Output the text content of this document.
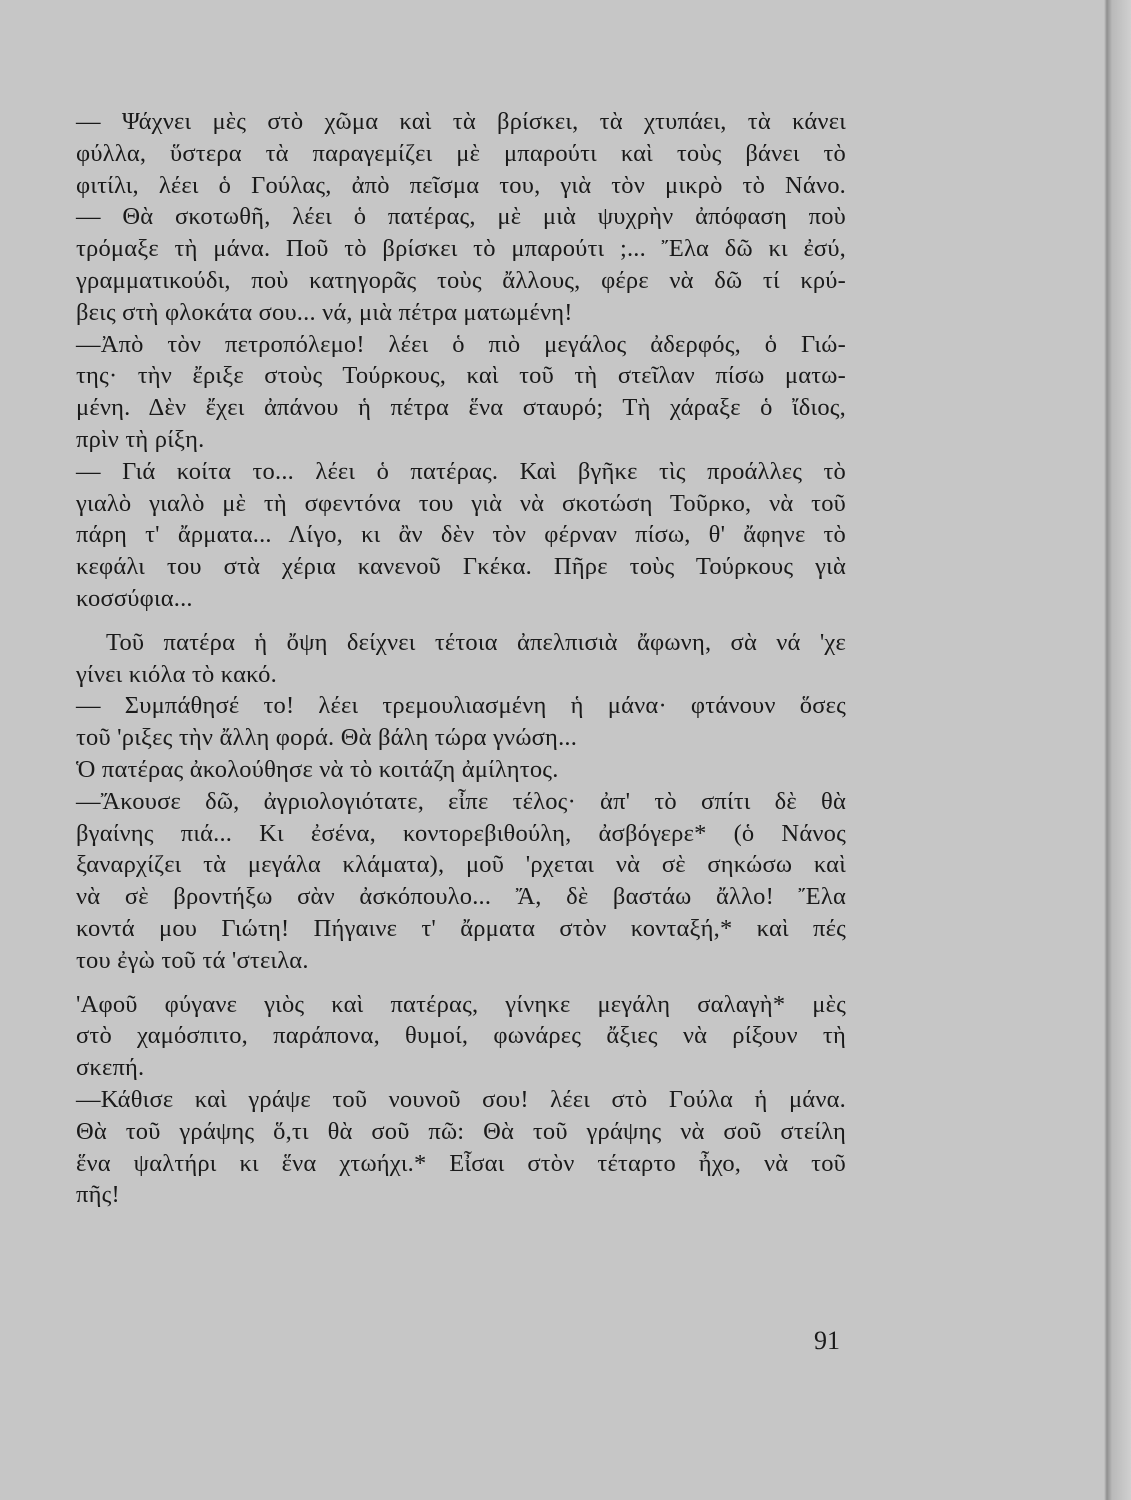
— Ψάχνει μὲς στὸ χῶμα καὶ τὰ βρίσκει, τὰ χτυπάει, τὰ κάνει
φύλλα, ὕστερα τὰ παραγεμίζει μὲ μπαρούτι καὶ τοὺς βάνει τὸ
φιτίλι, λέει ὁ Γούλας, ἀπὸ πεῖσμα του, γιὰ τὸν μικρὸ τὸ Νάνο.
— Θὰ σκοτωθῆ, λέει ὁ πατέρας, μὲ μιὰ ψυχρὴν ἀπόφαση ποὺ
τρόμαξε τὴ μάνα. Ποῦ τὸ βρίσκει τὸ μπαρούτι ;... Ἔλα δῶ κι ἐσύ,
γραμματικούδι, ποὺ κατηγορᾶς τοὺς ἄλλους, φέρε νὰ δῶ τί κρύ-
βεις στὴ φλοκάτα σου... νά, μιὰ πέτρα ματωμένη!
—Ἀπὸ τὸν πετροπόλεμο! λέει ὁ πιὸ μεγάλος ἀδερφός, ὁ Γιώ-
της· τὴν ἔριξε στοὺς Τούρκους, καὶ τοῦ τὴ στεῖλαν πίσω ματω-
μένη. Δὲν ἔχει ἀπάνου ἡ πέτρα ἕνα σταυρό; Τὴ χάραξε ὁ ἴδιος,
πρὶν τὴ ρίξη.
— Γιά κοίτα το... λέει ὁ πατέρας. Καὶ βγῆκε τὶς προάλλες τὸ
γιαλὸ γιαλὸ μὲ τὴ σφεντόνα του γιὰ νὰ σκοτώση Τοῦρκο, νὰ τοῦ
πάρη τ' ἄρματα... Λίγο, κι ἂν δὲν τὸν φέρναν πίσω, θ' ἄφηνε τὸ
κεφάλι του στὰ χέρια κανενοῦ Γκέκα. Πῆρε τοὺς Τούρκους γιὰ
κοσσύφια...
Τοῦ πατέρα ἡ ὄψη δείχνει τέτοια ἀπελπισιὰ ἄφωνη, σὰ νά 'χε
γίνει κιόλα τὸ κακό.
— Συμπάθησέ το! λέει τρεμουλιασμένη ἡ μάνα· φτάνουν ὅσες
τοῦ 'ριξες τὴν ἄλλη φορά. Θὰ βάλη τώρα γνώση...
Ὁ πατέρας ἀκολούθησε νὰ τὸ κοιτάζη ἀμίλητος.
—Ἄκουσε δῶ, ἀγριολογιότατε, εἶπε τέλος· ἀπ' τὸ σπίτι δὲ θὰ
βγαίνης πιά... Κι ἐσένα, κοντορεβιθούλη, ἀσβόγερε* (ὁ Νάνος
ξαναρχίζει τὰ μεγάλα κλάματα), μοῦ 'ρχεται νὰ σὲ σηκώσω καὶ
νὰ σὲ βροντήξω σὰν ἀσκόπουλο... Ἄ, δὲ βαστάω ἄλλο! Ἔλα
κοντά μου Γιώτη! Πήγαινε τ' ἄρματα στὸν κονταξή,* καὶ πές
του ἐγὼ τοῦ τά 'στειλα.
'Αφοῦ φύγανε γιὸς καὶ πατέρας, γίνηκε μεγάλη σαλαγὴ* μὲς
στὸ χαμόσπιτο, παράπονα, θυμοί, φωνάρες ἄξιες νὰ ρίξουν τὴ
σκεπή.
—Κάθισε καὶ γράψε τοῦ νουνοῦ σου! λέει στὸ Γούλα ἡ μάνα.
Θὰ τοῦ γράψης ὅ,τι θὰ σοῦ πῶ: Θὰ τοῦ γράψης νὰ σοῦ στείλη
ἕνα ψαλτήρι κι ἕνα χτωήχι.* Εἶσαι στὸν τέταρτο ἦχο, νὰ τοῦ
πῆς!
91
